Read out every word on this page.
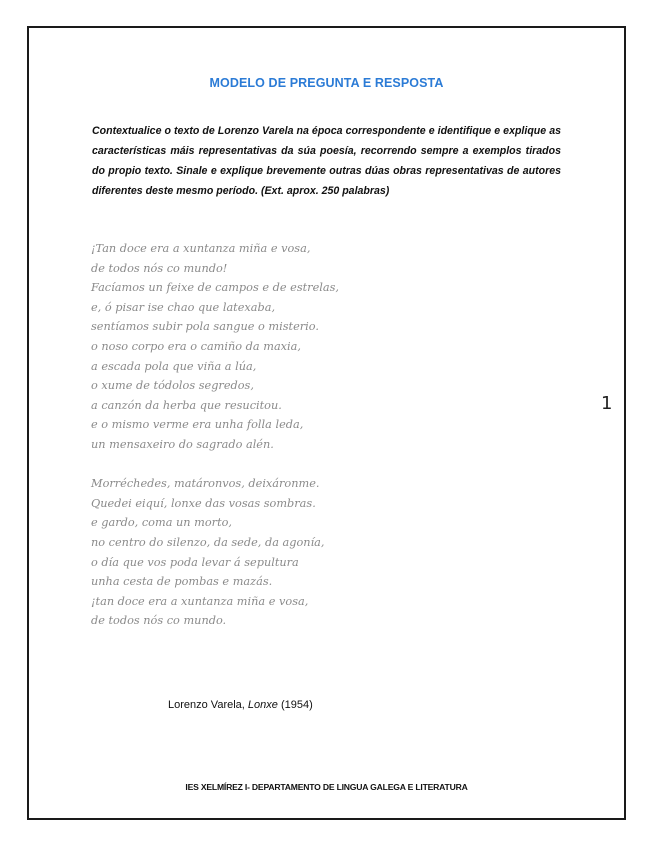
MODELO DE PREGUNTA E RESPOSTA
Contextualice o texto de Lorenzo Varela na época correspondente e identifique e explique as características máis representativas da súa poesía, recorrendo sempre a exemplos tirados do propio texto. Sinale e explique brevemente outras dúas obras representativas de autores diferentes deste mesmo período. (Ext. aprox. 250 palabras)
¡Tan doce era a xuntanza miña e vosa,
de todos nós co mundo!
Facíamos un feixe de campos e de estrelas,
e, ó pisar ise chao que latexaba,
sentíamos subir pola sangue o misterio.
o noso corpo era o camiño da maxia,
a escada pola que viña a lúa,
o xume de tódolos segredos,
a canzón da herba que resucitou.
e o mismo verme era unha folla leda,
un mensaxeiro do sagrado alén.
Morréchedes, matáronvos, deixáronme.
Quedei eiquí, lonxe das vosas sombras.
e gardo, coma un morto,
no centro do silenzo, da sede, da agonía,
o día que vos poda levar á sepultura
unha cesta de pombas e mazás.
¡tan doce era a xuntanza miña e vosa,
de todos nós co mundo.
Lorenzo Varela, Lonxe (1954)
IES XELMÍREZ I- DEPARTAMENTO DE LINGUA GALEGA E LITERATURA
1
